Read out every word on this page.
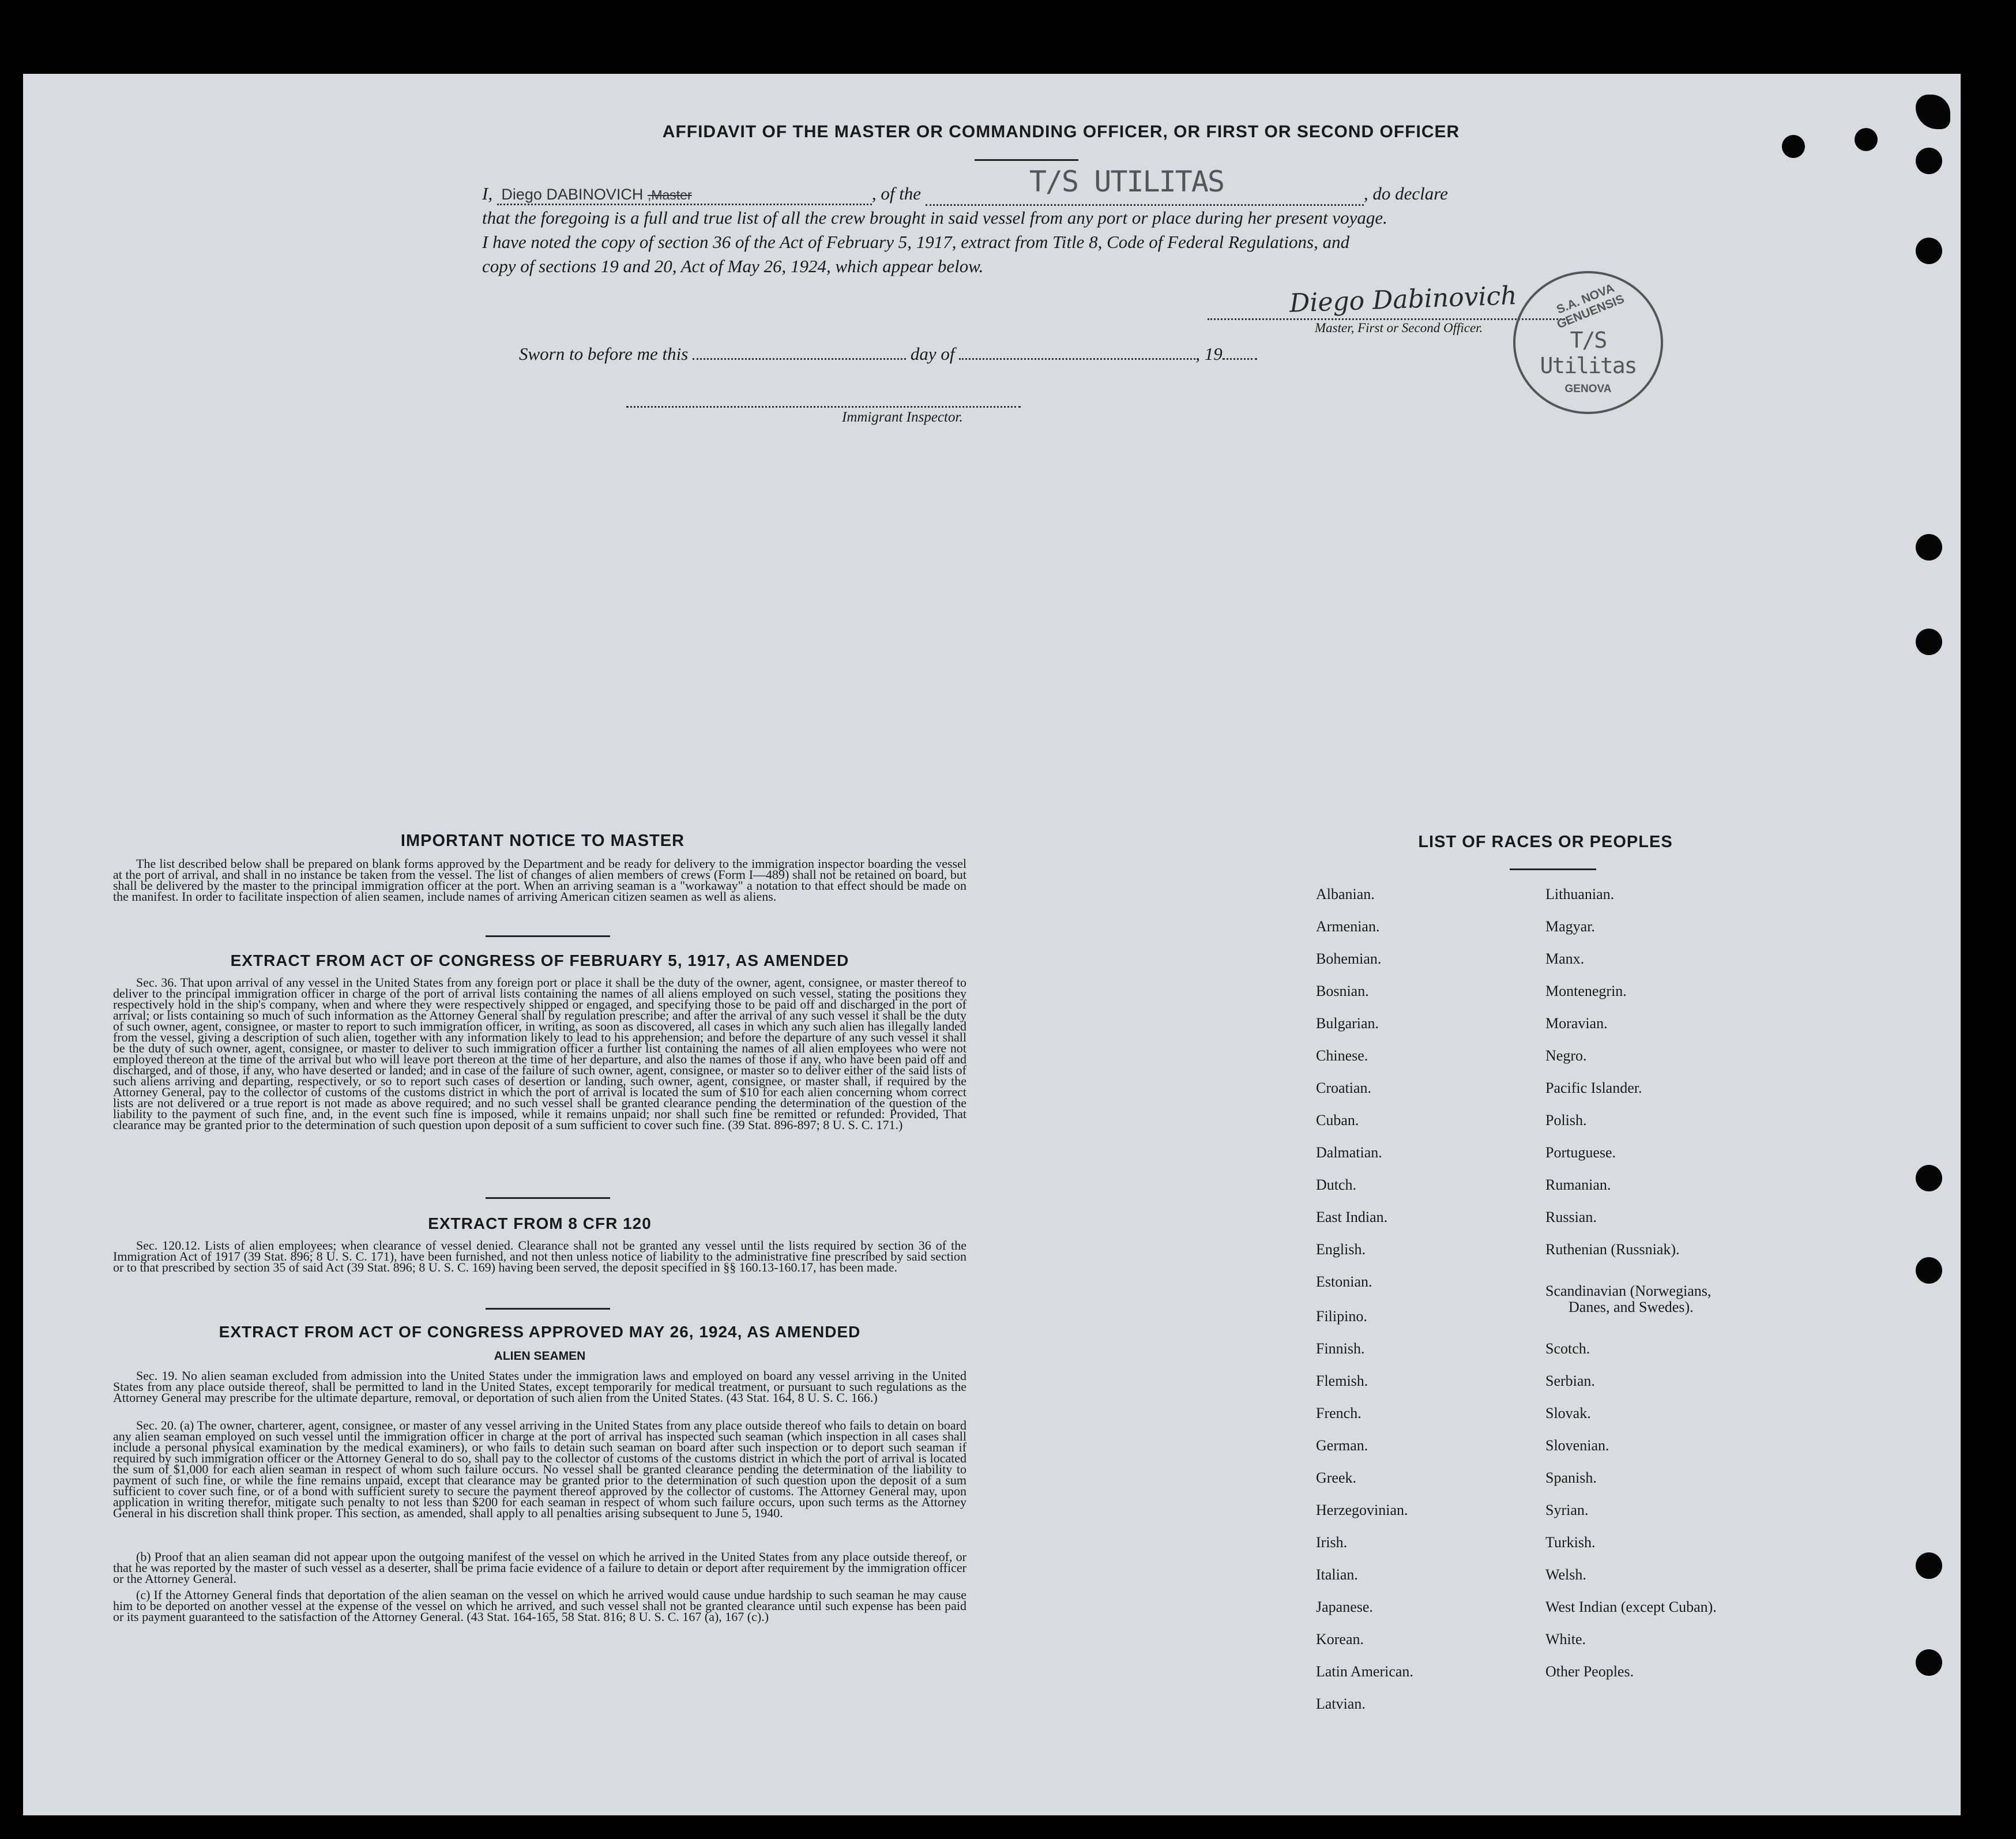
AFFIDAVIT OF THE MASTER OR COMMANDING OFFICER, OR FIRST OR SECOND OFFICER
I, Diego DABINOVICH ,Master	, of the	T/S UTILITAS	, do declare
that the foregoing is a full and true list of all the crew brought in said vessel from any port or place during her present voyage.
I have noted the copy of section 36 of the Act of February 5, 1917, extract from Title 8, Code of Federal Regulations, and
copy of sections 19 and 20, Act of May 26, 1924, which appear below.
Diego Dabinovich
Master, First or Second Officer.
S.A. NOVA GENUENSIS
T/S Utilitas
GENOVA
Sworn to before me this	day of	, 19
Immigrant Inspector.
IMPORTANT NOTICE TO MASTER
The list described below shall be prepared on blank forms approved by the Department and be ready for delivery to the immigration inspector boarding the vessel at the port of arrival, and shall in no instance be taken from the vessel. The list of changes of alien members of crews (Form I—489) shall not be retained on board, but shall be delivered by the master to the principal immigration officer at the port. When an arriving seaman is a "workaway" a notation to that effect should be made on the manifest. In order to facilitate inspection of alien seamen, include names of arriving American citizen seamen as well as aliens.
EXTRACT FROM ACT OF CONGRESS OF FEBRUARY 5, 1917, AS AMENDED
Sec. 36. That upon arrival of any vessel in the United States from any foreign port or place it shall be the duty of the owner, agent, consignee, or master thereof to deliver to the principal immigration officer in charge of the port of arrival lists containing the names of all aliens employed on such vessel, stating the positions they respectively hold in the ship's company, when and where they were respectively shipped or engaged, and specifying those to be paid off and discharged in the port of arrival; or lists containing so much of such information as the Attorney General shall by regulation prescribe; and after the arrival of any such vessel it shall be the duty of such owner, agent, consignee, or master to report to such immigration officer, in writing, as soon as discovered, all cases in which any such alien has illegally landed from the vessel, giving a description of such alien, together with any information likely to lead to his apprehension; and before the departure of any such vessel it shall be the duty of such owner, agent, consignee, or master to deliver to such immigration officer a further list containing the names of all alien employees who were not employed thereon at the time of the arrival but who will leave port thereon at the time of her departure, and also the names of those if any, who have been paid off and discharged, and of those, if any, who have deserted or landed; and in case of the failure of such owner, agent, consignee, or master so to deliver either of the said lists of such aliens arriving and departing, respectively, or so to report such cases of desertion or landing, such owner, agent, consignee, or master shall, if required by the Attorney General, pay to the collector of customs of the customs district in which the port of arrival is located the sum of $10 for each alien concerning whom correct lists are not delivered or a true report is not made as above required; and no such vessel shall be granted clearance pending the determination of the question of the liability to the payment of such fine, and, in the event such fine is imposed, while it remains unpaid; nor shall such fine be remitted or refunded: Provided, That clearance may be granted prior to the determination of such question upon deposit of a sum sufficient to cover such fine. (39 Stat. 896-897; 8 U. S. C. 171.)
EXTRACT FROM 8 CFR 120
Sec. 120.12. Lists of alien employees; when clearance of vessel denied. Clearance shall not be granted any vessel until the lists required by section 36 of the Immigration Act of 1917 (39 Stat. 896; 8 U. S. C. 171), have been furnished, and not then unless notice of liability to the administrative fine prescribed by said section or to that prescribed by section 35 of said Act (39 Stat. 896; 8 U. S. C. 169) having been served, the deposit specified in §§ 160.13-160.17, has been made.
EXTRACT FROM ACT OF CONGRESS APPROVED MAY 26, 1924, AS AMENDED
ALIEN SEAMEN
Sec. 19. No alien seaman excluded from admission into the United States under the immigration laws and employed on board any vessel arriving in the United States from any place outside thereof, shall be permitted to land in the United States, except temporarily for medical treatment, or pursuant to such regulations as the Attorney General may prescribe for the ultimate departure, removal, or deportation of such alien from the United States. (43 Stat. 164, 8 U. S. C. 166.)
Sec. 20. (a) The owner, charterer, agent, consignee, or master of any vessel arriving in the United States from any place outside thereof who fails to detain on board any alien seaman employed on such vessel until the immigration officer in charge at the port of arrival has inspected such seaman (which inspection in all cases shall include a personal physical examination by the medical examiners), or who fails to detain such seaman on board after such inspection or to deport such seaman if required by such immigration officer or the Attorney General to do so, shall pay to the collector of customs of the customs district in which the port of arrival is located the sum of $1,000 for each alien seaman in respect of whom such failure occurs. No vessel shall be granted clearance pending the determination of the liability to payment of such fine, or while the fine remains unpaid, except that clearance may be granted prior to the determination of such question upon the deposit of a sum sufficient to cover such fine, or of a bond with sufficient surety to secure the payment thereof approved by the collector of customs. The Attorney General may, upon application in writing therefor, mitigate such penalty to not less than $200 for each seaman in respect of whom such failure occurs, upon such terms as the Attorney General in his discretion shall think proper. This section, as amended, shall apply to all penalties arising subsequent to June 5, 1940.
(b) Proof that an alien seaman did not appear upon the outgoing manifest of the vessel on which he arrived in the United States from any place outside thereof, or that he was reported by the master of such vessel as a deserter, shall be prima facie evidence of a failure to detain or deport after requirement by the immigration officer or the Attorney General.
(c) If the Attorney General finds that deportation of the alien seaman on the vessel on which he arrived would cause undue hardship to such seaman he may cause him to be deported on another vessel at the expense of the vessel on which he arrived, and such vessel shall not be granted clearance until such expense has been paid or its payment guaranteed to the satisfaction of the Attorney General. (43 Stat. 164-165, 58 Stat. 816; 8 U. S. C. 167 (a), 167 (c).)
LIST OF RACES OR PEOPLES
Albanian.
Armenian.
Bohemian.
Bosnian.
Bulgarian.
Chinese.
Croatian.
Cuban.
Dalmatian.
Dutch.
East Indian.
English.
Estonian.
Filipino.
Finnish.
Flemish.
French.
German.
Greek.
Herzegovinian.
Irish.
Italian.
Japanese.
Korean.
Latin American.
Latvian.
Lithuanian.
Magyar.
Manx.
Montenegrin.
Moravian.
Negro.
Pacific Islander.
Polish.
Portuguese.
Rumanian.
Russian.
Ruthenian (Russniak).
Scandinavian (Norwegians,
Danes, and Swedes).
Scotch.
Serbian.
Slovak.
Slovenian.
Spanish.
Syrian.
Turkish.
Welsh.
West Indian (except Cuban).
White.
Other Peoples.
